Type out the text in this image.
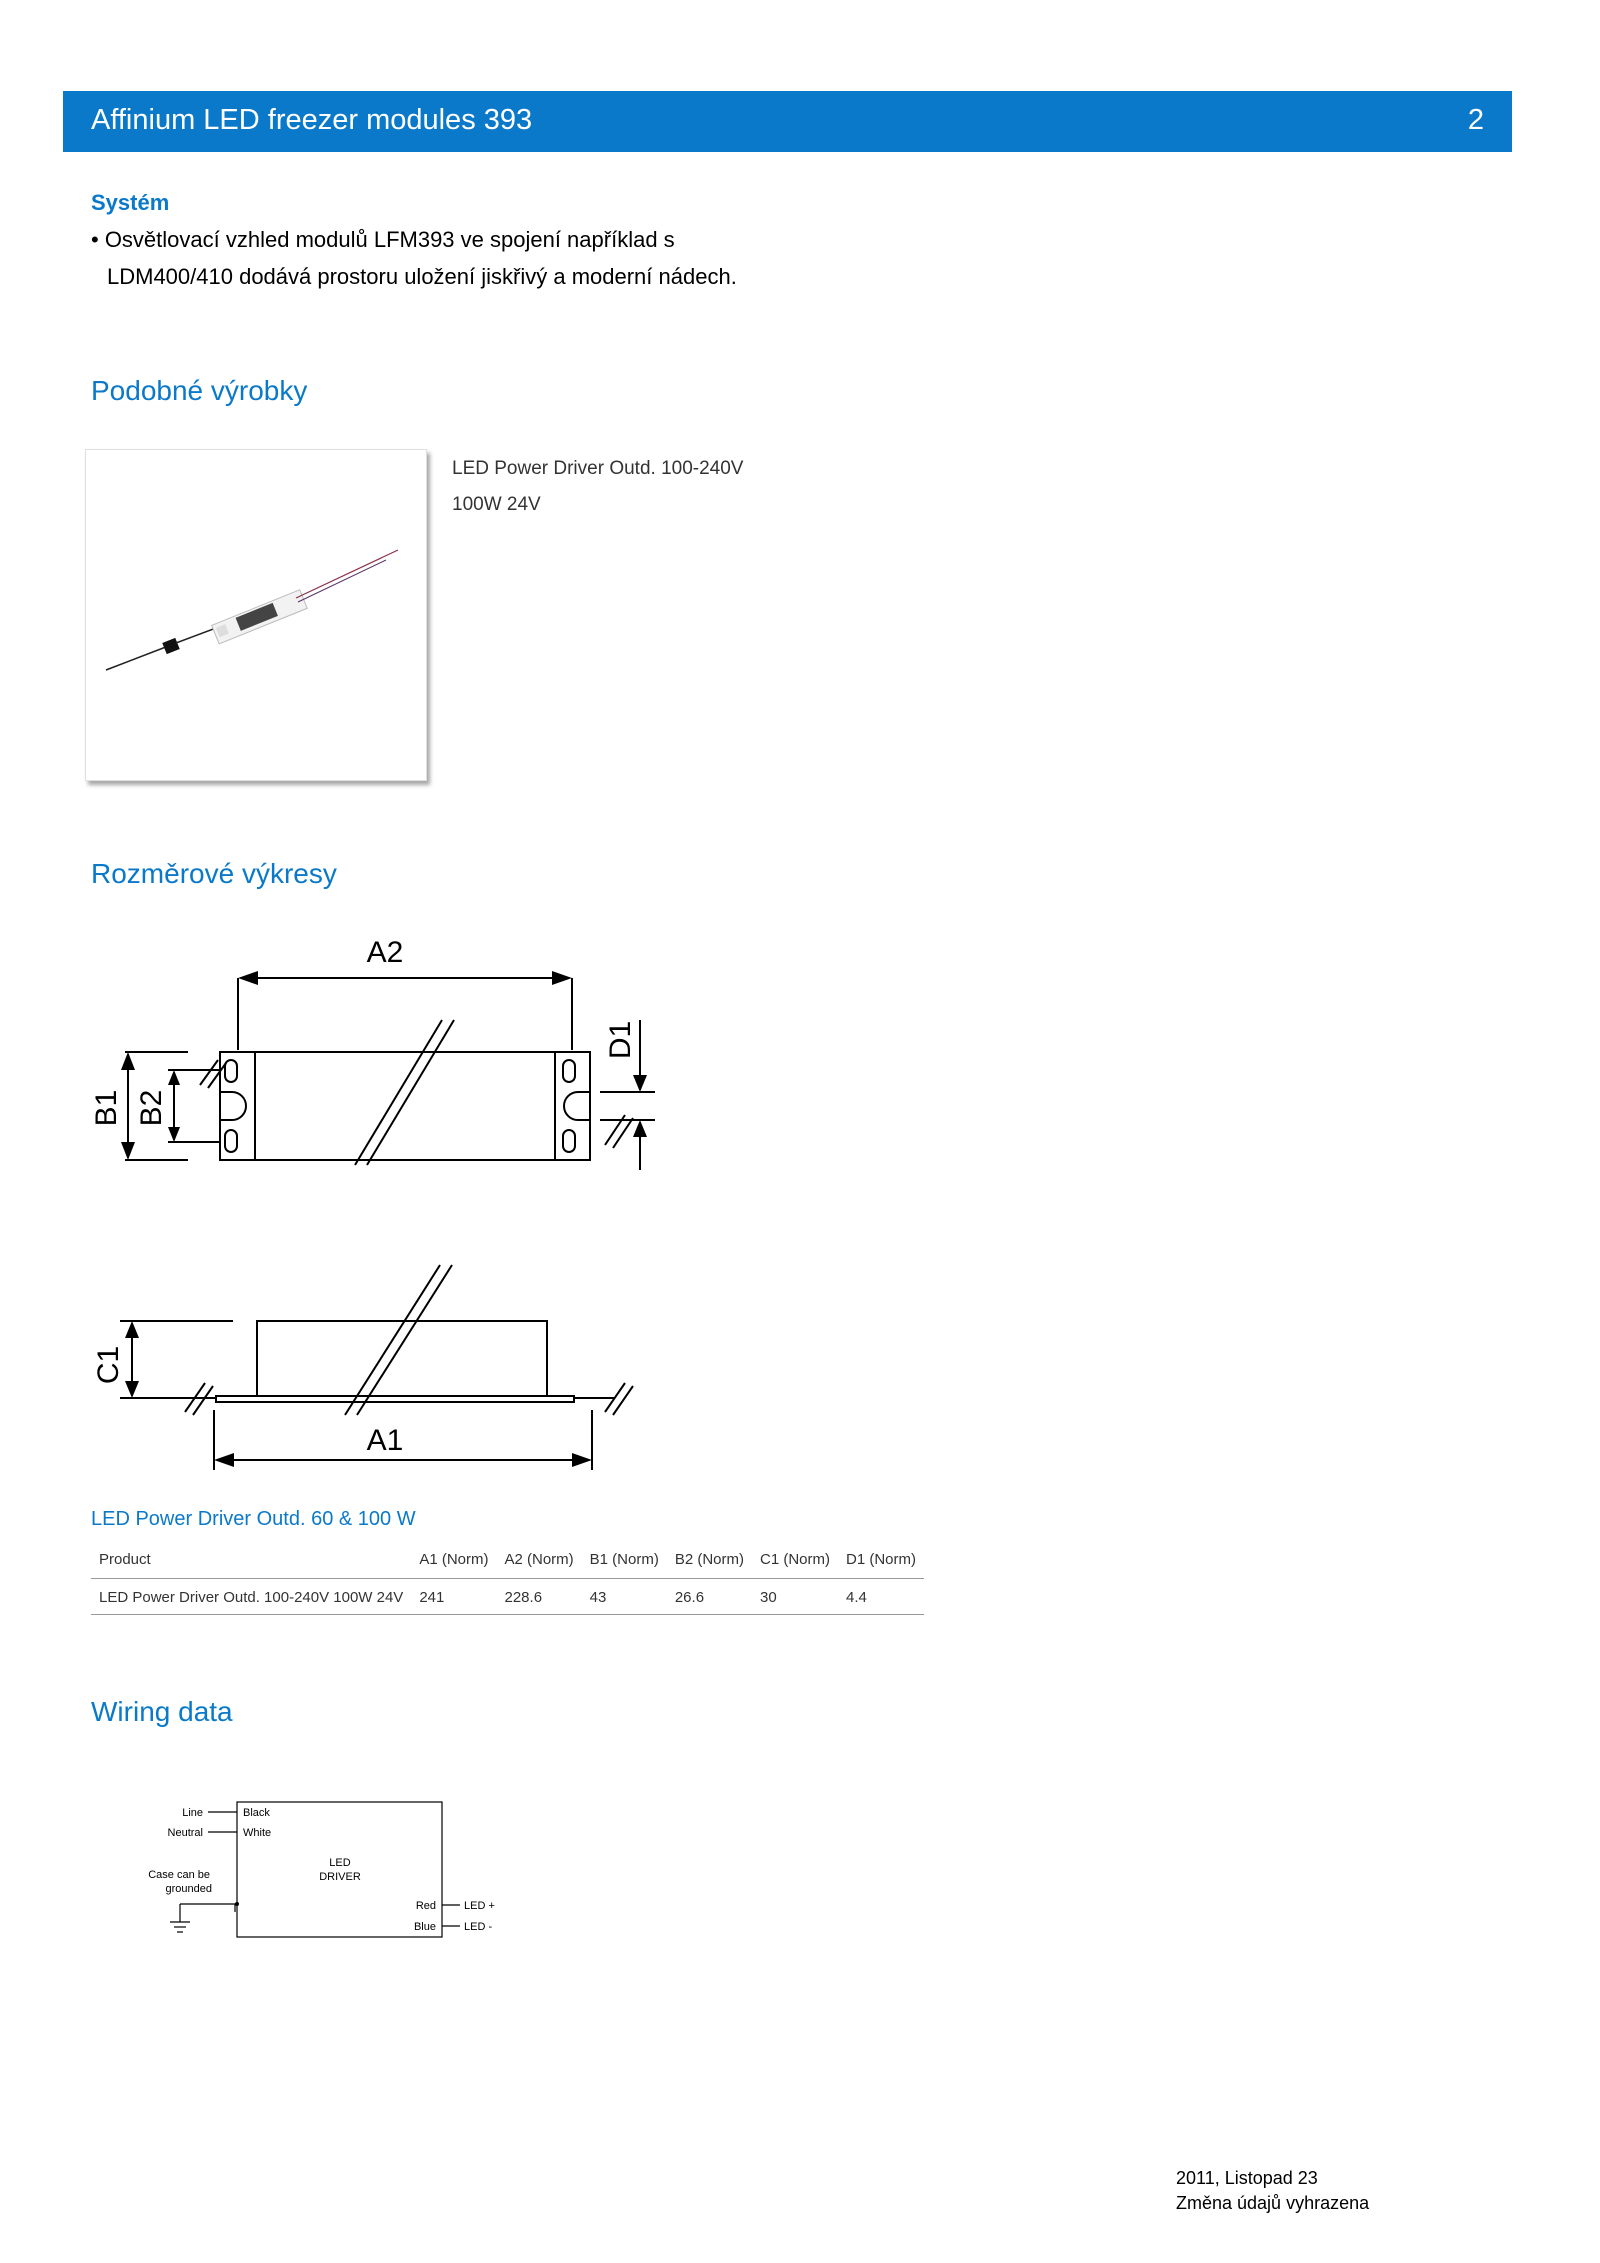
Affinium LED freezer modules 393	2
Systém
• Osvětlovací vzhled modulů LFM393 ve spojení například s
LDM400/410 dodává prostoru uložení jiskřivý a moderní nádech.
Podobné výrobky
LED Power Driver Outd. 100-240V
100W 24V
Rozměrové výkresy
A2
A1
B1 B2
D1
C1
LED Power Driver Outd. 60 & 100 W
Product	A1 (Norm)	A2 (Norm)	B1 (Norm)	B2 (Norm)	C1 (Norm)	D1 (Norm)
LED Power Driver Outd. 100-240V 100W 24V	241	228.6	43	26.6	30	4.4
Wiring data
Line
Neutral
Case can be
grounded
Black
White
LED
DRIVER
Red
Blue
LED +
LED -
2011, Listopad 23
Změna údajů vyhrazena
